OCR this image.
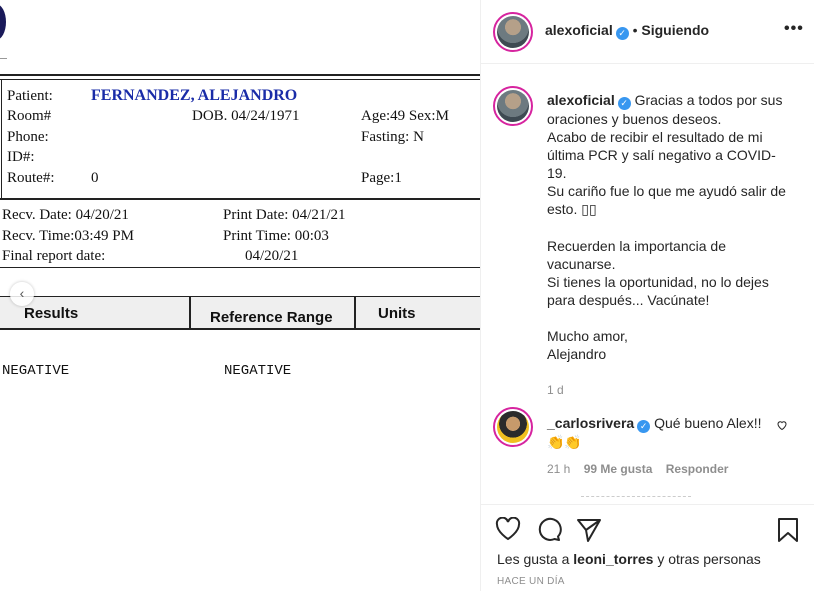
Patient: FERNANDEZ, ALEJANDRO
Room#	DOB. 04/24/1971	Age:49 Sex:M
Phone:	Fasting: N
ID#:
Route#: 0	Page:1
Recv. Date: 04/20/21	Print Date: 04/21/21
Recv. Time:03:49 PM	Print Time: 00:03
Final report date:	04/20/21
Results	Reference Range	Units
NEGATIVE	NEGATIVE
‹
alexoficial ✓ • Siguiendo	•••

alexoficial ✓ Gracias a todos por sus oraciones y buenos deseos.

Acabo de recibir el resultado de mi última PCR y salí negativo a COVID-19.

Su cariño fue lo que me ayudó salir de esto. ▯▯

Recuerden la importancia de vacunarse.

Si tienes la oportunidad, no lo dejes para después... Vacúnate!

Mucho amor,

Alejandro

1 d
_carlosrivera ✓ Qué bueno Alex!!
👏👏
21 h 99 Me gusta Responder
Les gusta a leoni_torres y otras personas
HACE UN DÍA
